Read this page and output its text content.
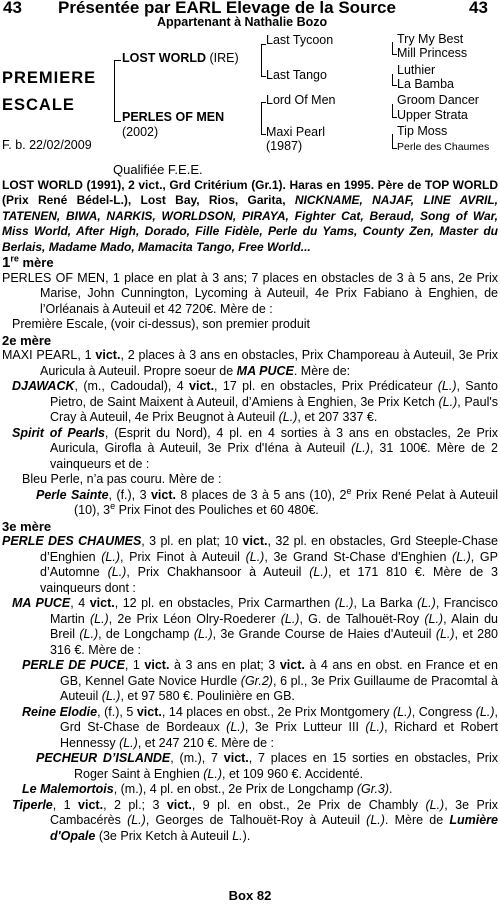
43 Présentée par EARL Elevage de la Source	43
Appartenant à Nathalie Bozo
PREMIERE
ESCALE
F. b. 22/02/2009
LOST WORLD (IRE)
PERLES OF MEN
(2002)
Last Tycoon
Last Tango
Lord Of Men
Maxi Pearl
(1987)
Try My Best
Mill Princess
Luthier
La Bamba
Groom Dancer
Upper Strata
Tip Moss
Perle des Chaumes

Qualifiée F.E.E.

LOST WORLD (1991), 2 vict., Grd Critérium (Gr.1). Haras en 1995. Père de TOP WORLD (Prix René Bédel-L.), Lost Bay, Rios, Garita, NICKNAME, NAJAF, LINE AVRIL, TATENEN, BIWA, NARKIS, WORLDSON, PIRAYA, Fighter Cat, Beraud, Song of War, Miss World, After High, Dorado, Fille Fidèle, Perle du Yams, County Zen, Master du Berlais, Madame Mado, Mamacita Tango, Free World...

1re mère

PERLES OF MEN, 1 place en plat à 3 ans; 7 places en obstacles de 3 à 5 ans, 2e Prix Marise, John Cunnington, Lycoming à Auteuil, 4e Prix Fabiano à Enghien, de l’Orléanais à Auteuil et 42 720€. Mère de :

Première Escale, (voir ci-dessus), son premier produit

2e mère

MAXI PEARL, 1 vict., 2 places à 3 ans en obstacles, Prix Champoreau à Auteuil, 3e Prix Auricula à Auteuil. Propre soeur de MA PUCE. Mère de:

DJAWACK, (m., Cadoudal), 4 vict., 17 pl. en obstacles, Prix Prédicateur (L.), Santo Pietro, de Saint Maixent à Auteuil, d’Amiens à Enghien, 3e Prix Ketch (L.), Paul's Cray à Auteuil, 4e Prix Beugnot à Auteuil (L.), et 207 337 €.

Spirit of Pearls, (Esprit du Nord), 4 pl. en 4 sorties à 3 ans en obstacles, 2e Prix Auricula, Girofla à Auteuil, 3e Prix d'Iéna à Auteuil (L.), 31 100€. Mère de 2 vainqueurs et de :

Bleu Perle, n’a pas couru. Mère de :

Perle Sainte, (f.), 3 vict. 8 places de 3 à 5 ans (10), 2e Prix René Pelat à Auteuil (10), 3e Prix Finot des Pouliches et 60 480€.

3e mère

PERLE DES CHAUMES, 3 pl. en plat; 10 vict., 32 pl. en obstacles, Grd Steeple-Chase d’Enghien (L.), Prix Finot à Auteuil (L.), 3e Grand St-Chase d'Enghien (L.), GP d’Automne (L.), Prix Chakhansoor à Auteuil (L.), et 171 810 €. Mère de 3 vainqueurs dont :

MA PUCE, 4 vict., 12 pl. en obstacles, Prix Carmarthen (L.), La Barka (L.), Francisco Martin (L.), 2e Prix Léon Olry-Roederer (L.), G. de Talhouët-Roy (L.), Alain du Breil (L.), de Longchamp (L.), 3e Grande Course de Haies d'Auteuil (L.), et 280 316 €. Mère de :

PERLE DE PUCE, 1 vict. à 3 ans en plat; 3 vict. à 4 ans en obst. en France et en GB, Kennel Gate Novice Hurdle (Gr.2), 6 pl., 3e Prix Guillaume de Pracomtal à Auteuil (L.), et 97 580 €. Poulinière en GB.

Reine Elodie, (f.), 5 vict., 14 places en obst., 2e Prix Montgomery (L.), Congress (L.), Grd St-Chase de Bordeaux (L.), 3e Prix Lutteur III (L.), Richard et Robert Hennessy (L.), et 247 210 €. Mère de :

PECHEUR D’ISLANDE, (m.), 7 vict., 7 places en 15 sorties en obstacles, Prix Roger Saint à Enghien (L.), et 109 960 €. Accidenté.

Le Malemortois, (m.), 4 pl. en obst., 2e Prix de Longchamp (Gr.3).

Tiperle, 1 vict., 2 pl.; 3 vict., 9 pl. en obst., 2e Prix de Chambly (L.), 3e Prix Cambacérès (L.), Georges de Talhouët-Roy à Auteuil (L.). Mère de Lumière d'Opale (3e Prix Ketch à Auteuil L.).

Box 82
